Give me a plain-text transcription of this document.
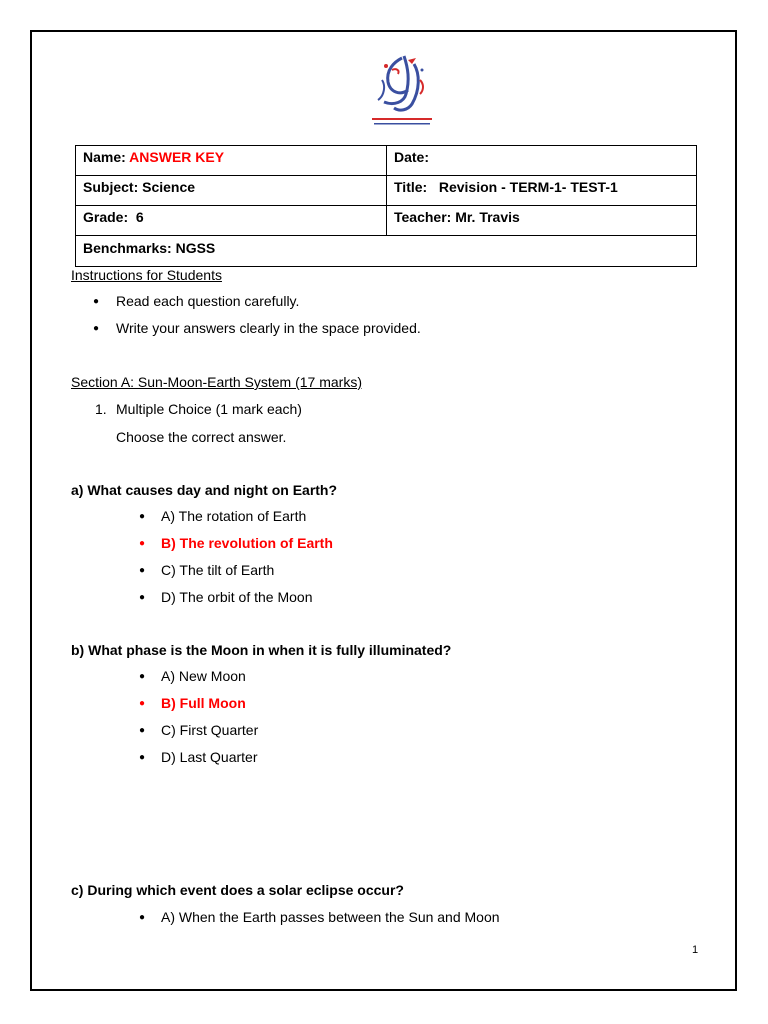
Name: ANSWER KEY	Date:
Subject: Science	Title:   Revision - TERM-1- TEST-1
Grade:  6	Teacher: Mr. Travis
Benchmarks: NGSS	
Instructions for Students
● Read each question carefully.
● Write your answers clearly in the space provided.
Section A: Sun-Moon-Earth System (17 marks)
1. Multiple Choice (1 mark each)
Choose the correct answer.
a) What causes day and night on Earth?
● A) The rotation of Earth
● B) The revolution of Earth
● C) The tilt of Earth
● D) The orbit of the Moon
b) What phase is the Moon in when it is fully illuminated?
● A) New Moon
● B) Full Moon
● C) First Quarter
● D) Last Quarter
c) During which event does a solar eclipse occur?
● A) When the Earth passes between the Sun and Moon
1
